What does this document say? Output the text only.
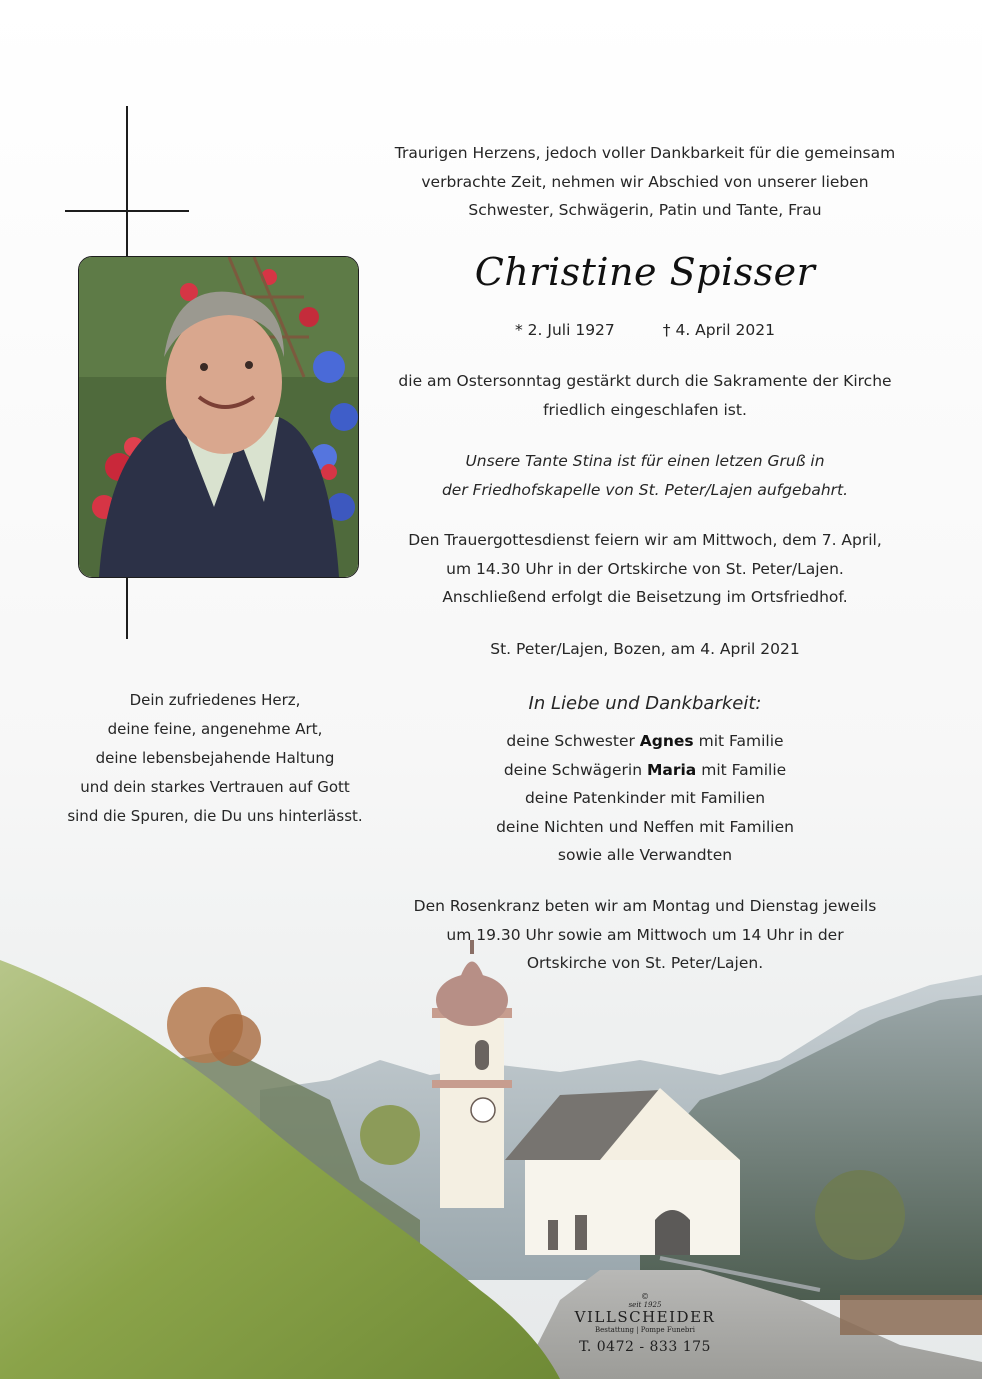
Traurigen Herzens, jedoch voller Dankbarkeit für die gemeinsam
verbrachte Zeit, nehmen wir Abschied von unserer lieben
Schwester, Schwägerin, Patin und Tante, Frau
Christine Spisser
* 2. Juli 1927	† 4. April 2021
die am Ostersonntag gestärkt durch die Sakramente der Kirche
friedlich eingeschlafen ist.
Unsere Tante Stina ist für einen letzen Gruß in
der Friedhofskapelle von St. Peter/Lajen aufgebahrt.
Den Trauergottesdienst feiern wir am Mittwoch, dem 7. April,
um 14.30 Uhr in der Ortskirche von St. Peter/Lajen.
Anschließend erfolgt die Beisetzung im Ortsfriedhof.
St. Peter/Lajen, Bozen, am 4. April 2021
In Liebe und Dankbarkeit:
deine Schwester Agnes mit Familie
deine Schwägerin Maria mit Familie
deine Patenkinder mit Familien
deine Nichten und Neffen mit Familien
sowie alle Verwandten
Den Rosenkranz beten wir am Montag und Dienstag jeweils
um 19.30 Uhr sowie am Mittwoch um 14 Uhr in der
Ortskirche von St. Peter/Lajen.
Dein zufriedenes Herz,
deine feine, angenehme Art,
deine lebensbejahende Haltung
und dein starkes Vertrauen auf Gott
sind die Spuren, die Du uns hinterlässt.
©
seit 1925
VILLSCHEIDER
Bestattung | Pompe Funebri
T. 0472 - 833 175
